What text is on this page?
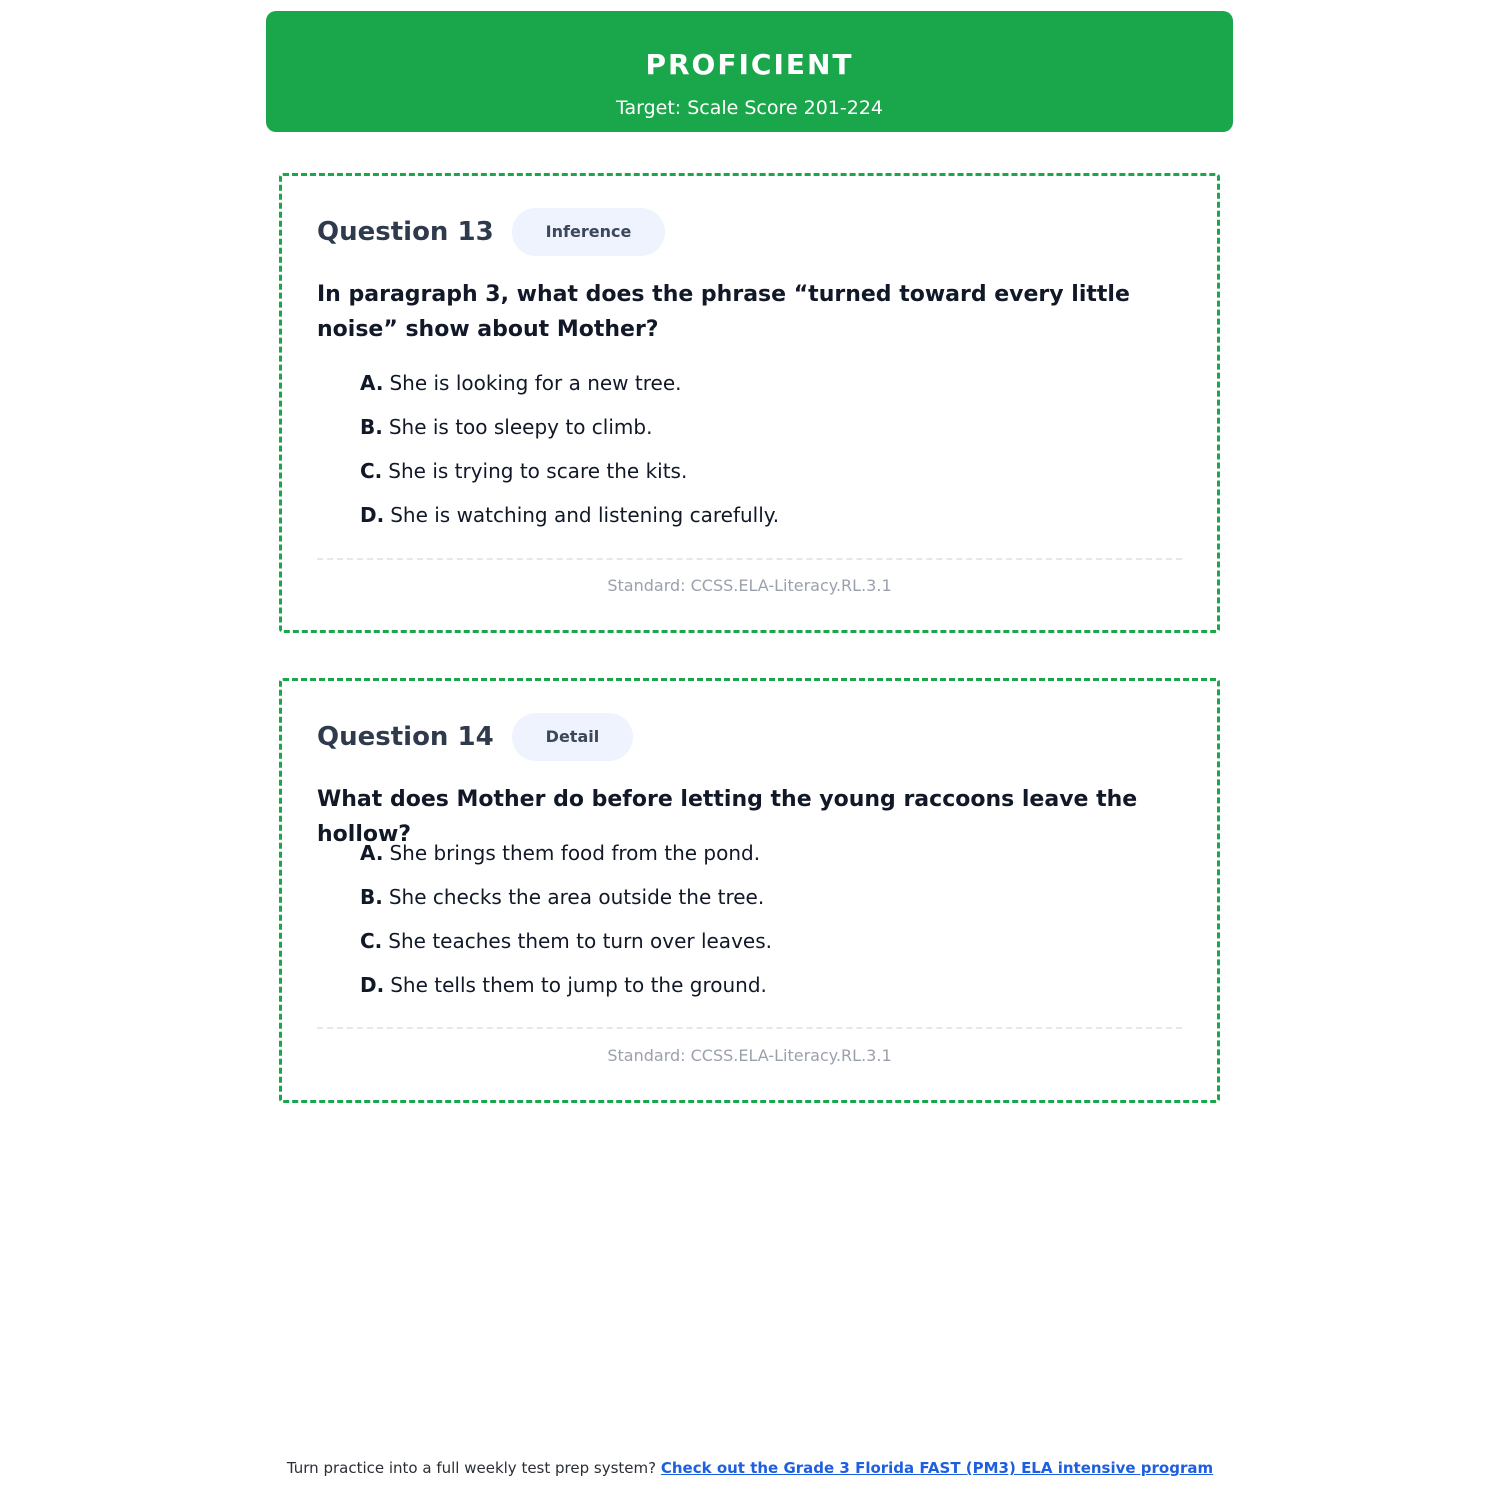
PROFICIENT
Target: Scale Score 201-224
Question 13	Inference
In paragraph 3, what does the phrase “turned toward every little noise” show about Mother?
A. She is looking for a new tree.
B. She is too sleepy to climb.
C. She is trying to scare the kits.
D. She is watching and listening carefully.
Standard: CCSS.ELA-Literacy.RL.3.1
Question 14	Detail
What does Mother do before letting the young raccoons leave the hollow?
A. She brings them food from the pond.
B. She checks the area outside the tree.
C. She teaches them to turn over leaves.
D. She tells them to jump to the ground.
Standard: CCSS.ELA-Literacy.RL.3.1
Turn practice into a full weekly test prep system? Check out the Grade 3 Florida FAST (PM3) ELA intensive program
